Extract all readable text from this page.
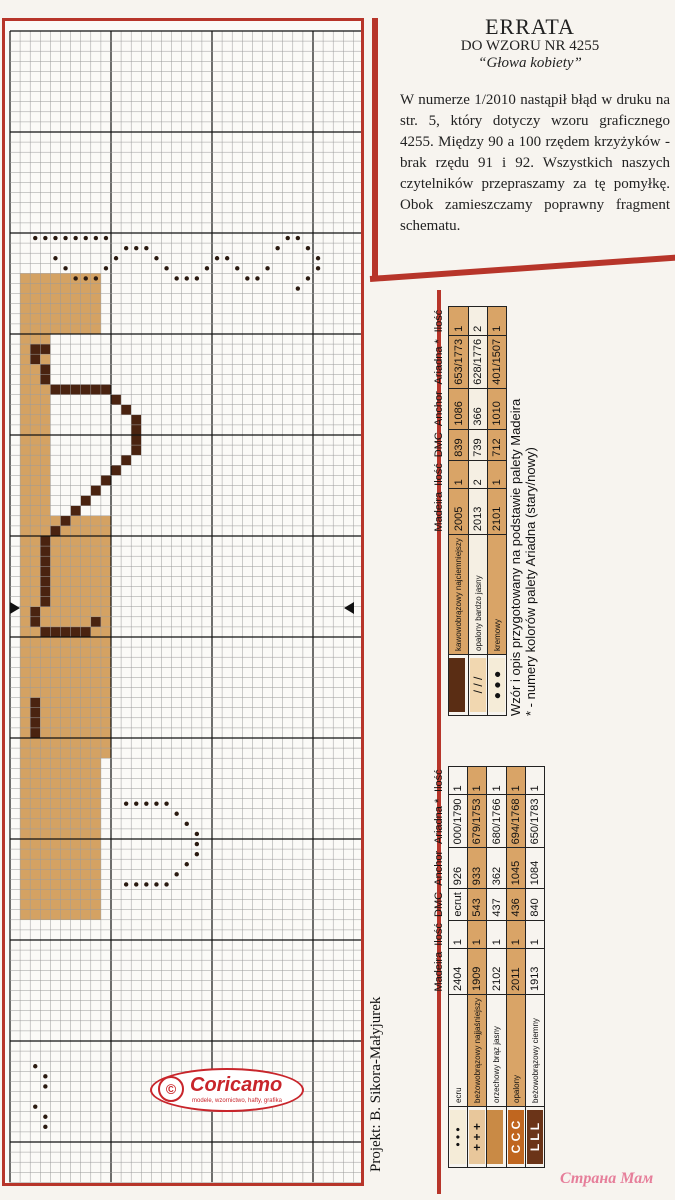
ERRATA
DO WZORU NR 4255
“Głowa kobiety”
W numerze 1/2010 nastąpił błąd w druku na str. 5, który dotyczy wzoru graficznego 4255. Między 90 a 100 rzędem krzyżyków - brak rzędu 91 i 92. Wszystkich naszych czytelników przepraszamy za tę pomyłkę. Obok zamieszczamy poprawny fragment schematu.
		Madeira	Ilość	DMC	Anchor	Ariadna *	Ilość
	kawowobrązowy najciemniejszy	2005	1	839	1086	653/1773	1
/ / /	opalony bardzo jasny	2013	2	739	366	628/1776	2
● ● ●	kremowy	2101	1	712	1010	401/1507	1
Wzór i opis przygotowany na podstawie palety Madeira * - numery kolorów palety Ariadna (stary/nowy)
		Madeira	Ilość	DMC	Anchor	Ariadna *	Ilość
• • •	ecru	2404	1	ecrut	926	000/1790	1
+ + +	beżowobrązowy najjaśniejszy	1909	1	543	933	679/1753	1
	orzechowy brąz jasny	2102	1	437	362	680/1766	1
C C C	opalony	2011	1	436	1045	694/1768	1
L L L	beżowobrązowy ciemny	1913	1	840	1084	650/1783	1
Projekt: B. Sikora-Małyjurek
© Coricamo
modele, wzornictwo, hafty, grafika
Страна Мам
